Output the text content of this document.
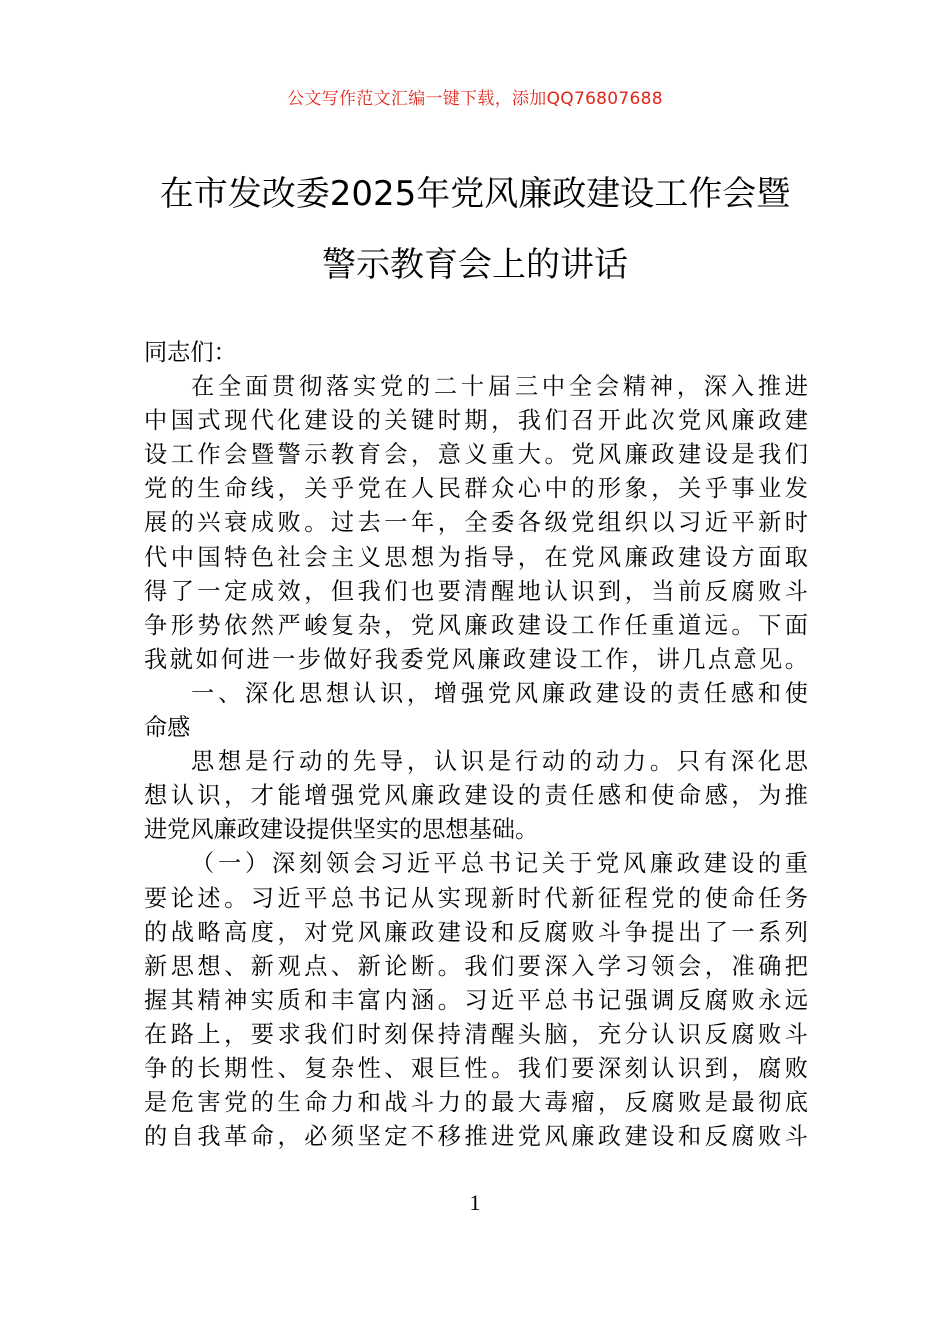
公文写作范文汇编一键下载，添加QQ76807688
在市发改委2025年党风廉政建设工作会暨
警示教育会上的讲话
同志们：
在全面贯彻落实党的二十届三中全会精神，深入推进
中国式现代化建设的关键时期，我们召开此次党风廉政建
设工作会暨警示教育会，意义重大。党风廉政建设是我们
党的生命线，关乎党在人民群众心中的形象，关乎事业发
展的兴衰成败。过去一年，全委各级党组织以习近平新时
代中国特色社会主义思想为指导，在党风廉政建设方面取
得了一定成效，但我们也要清醒地认识到，当前反腐败斗
争形势依然严峻复杂，党风廉政建设工作任重道远。下面
我就如何进一步做好我委党风廉政建设工作，讲几点意见。
一、深化思想认识，增强党风廉政建设的责任感和使
命感
思想是行动的先导，认识是行动的动力。只有深化思
想认识，才能增强党风廉政建设的责任感和使命感，为推
进党风廉政建设提供坚实的思想基础。
（一）深刻领会习近平总书记关于党风廉政建设的重
要论述。习近平总书记从实现新时代新征程党的使命任务
的战略高度，对党风廉政建设和反腐败斗争提出了一系列
新思想、新观点、新论断。我们要深入学习领会，准确把
握其精神实质和丰富内涵。习近平总书记强调反腐败永远
在路上，要求我们时刻保持清醒头脑，充分认识反腐败斗
争的长期性、复杂性、艰巨性。我们要深刻认识到，腐败
是危害党的生命力和战斗力的最大毒瘤，反腐败是最彻底
的自我革命，必须坚定不移推进党风廉政建设和反腐败斗
1
